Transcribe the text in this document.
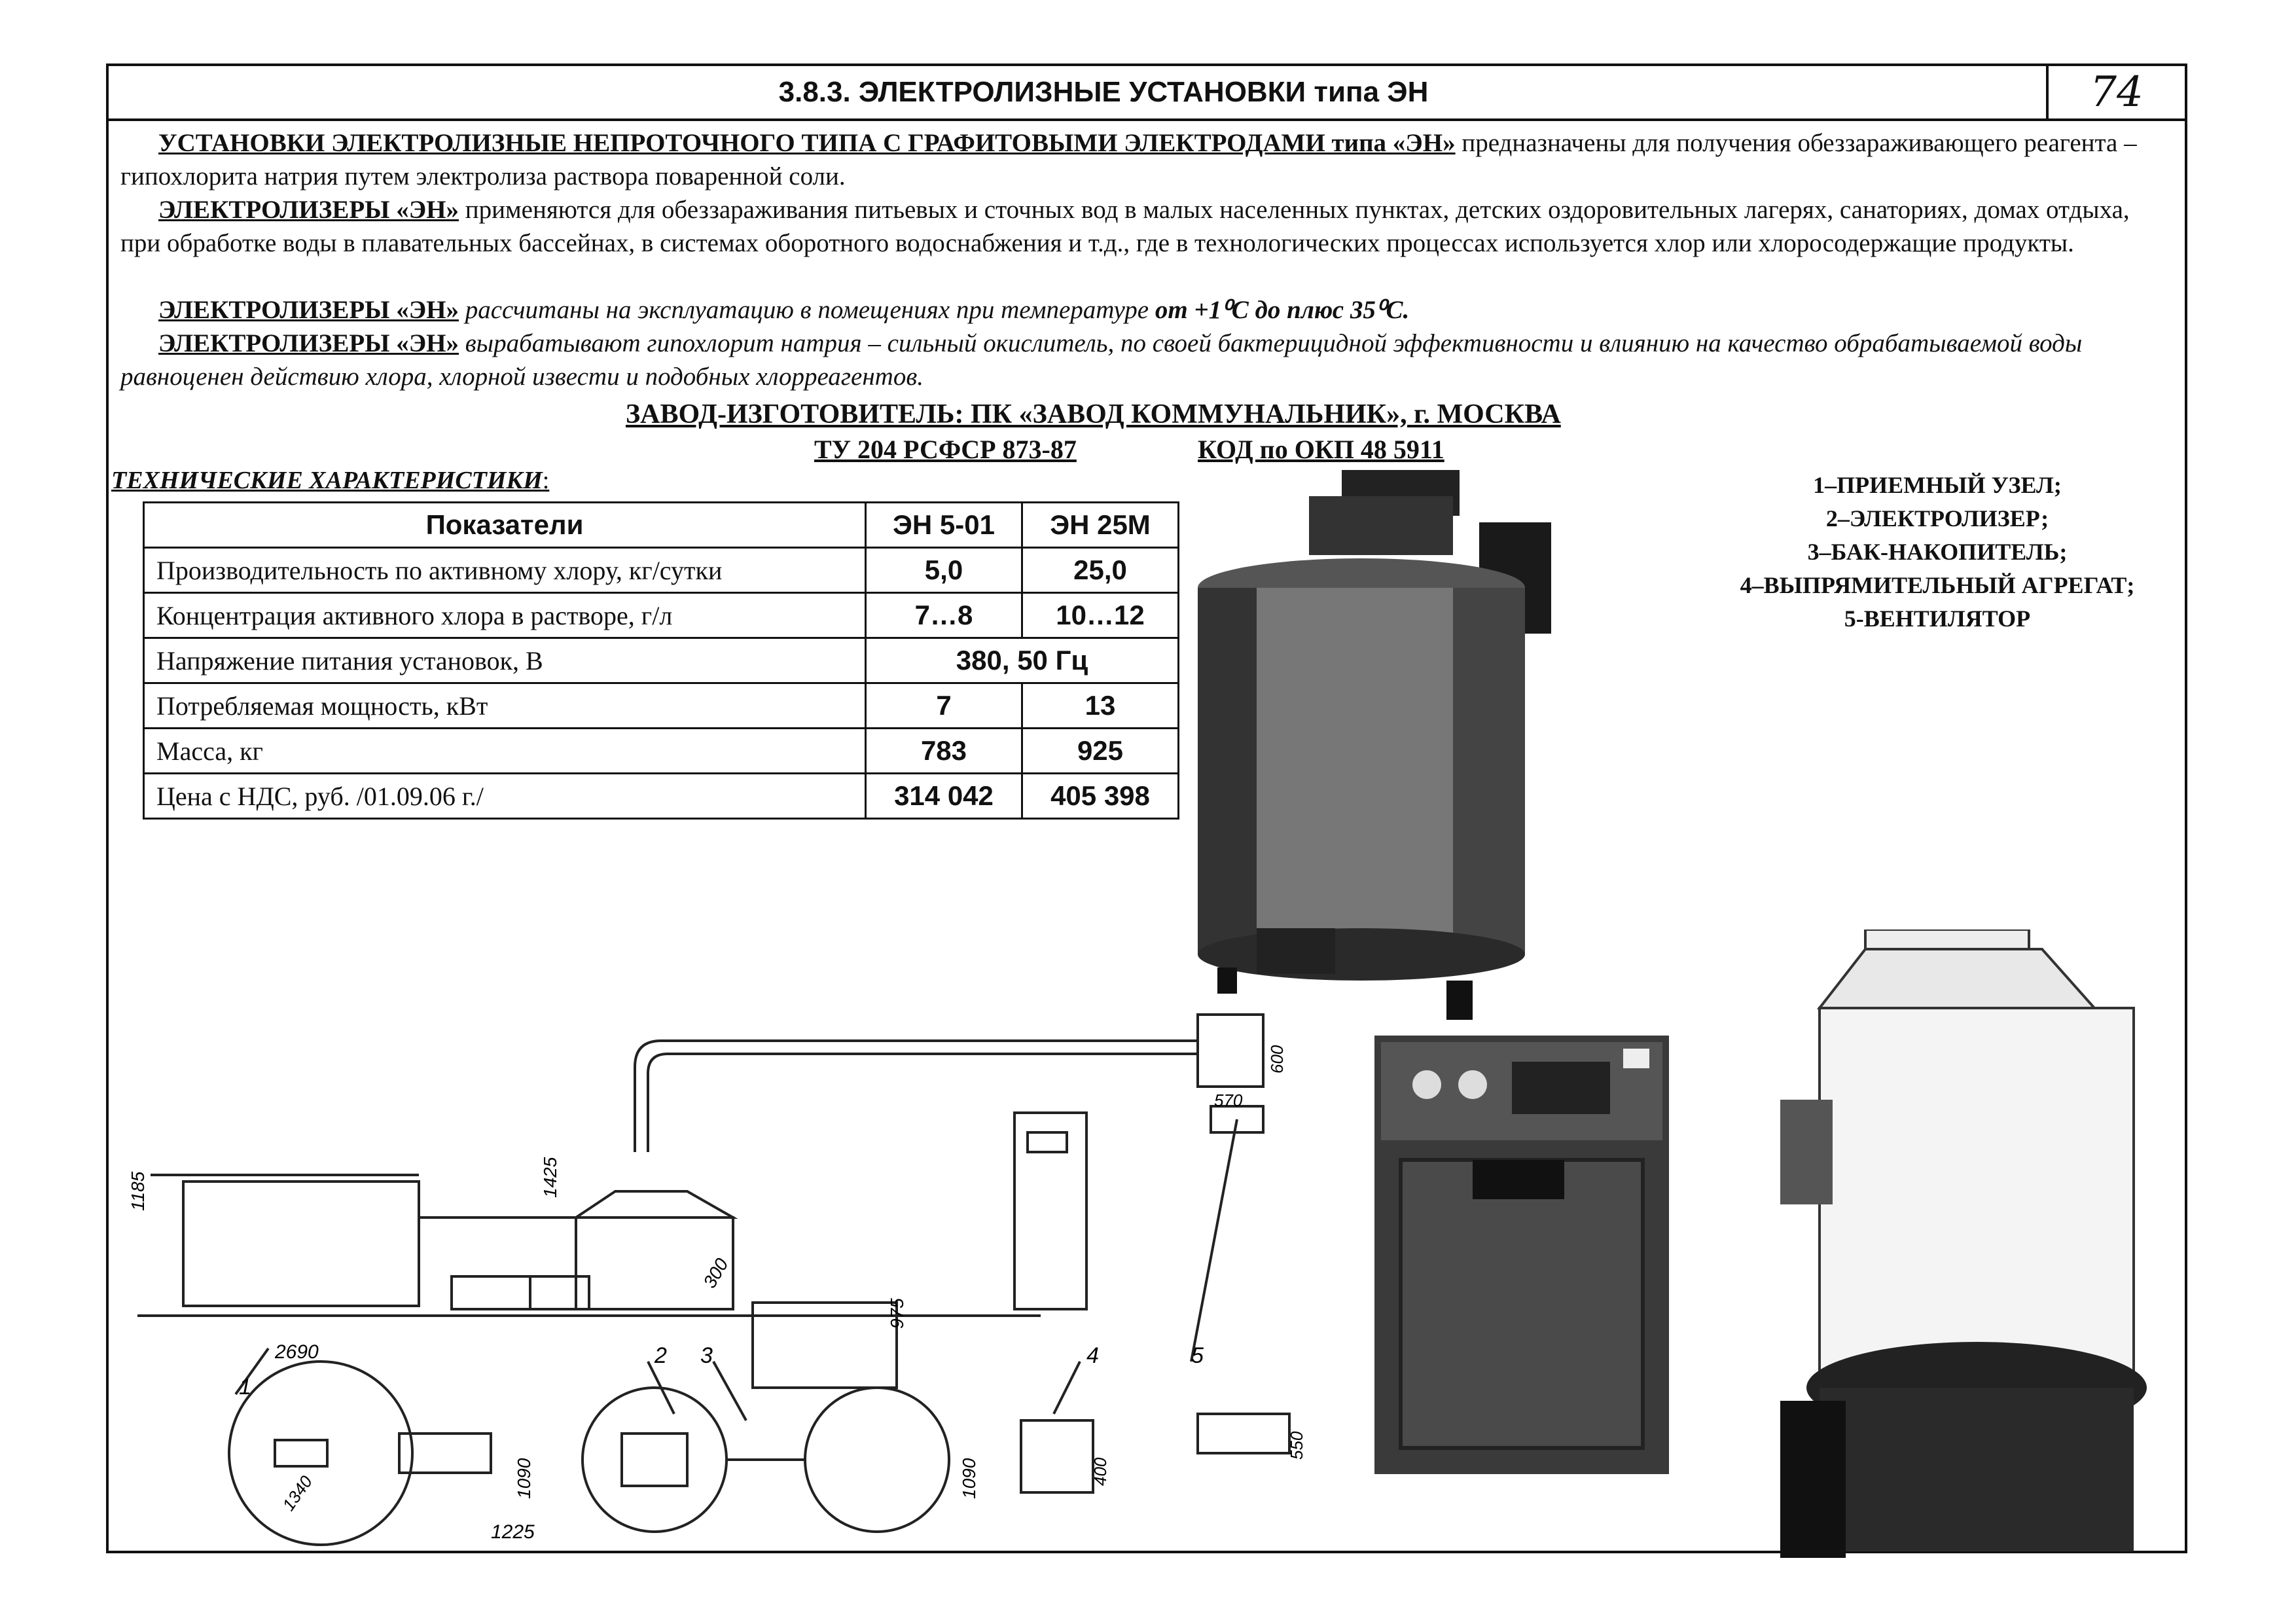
3.8.3. ЭЛЕКТРОЛИЗНЫЕ УСТАНОВКИ типа ЭН	74
УСТАНОВКИ ЭЛЕКТРОЛИЗНЫЕ НЕПРОТОЧНОГО ТИПА С ГРАФИТОВЫМИ ЭЛЕКТРОДАМИ типа «ЭН» предназначены для получения обеззараживающего реагента – гипохлорита натрия путем электролиза раствора поваренной соли.
ЭЛЕКТРОЛИЗЕРЫ «ЭН» применяются для обеззараживания питьевых и сточных вод в малых населенных пунктах, детских оздоровительных лагерях, санаториях, домах отдыха, при обработке воды в плавательных бассейнах, в системах оборотного водоснабжения и т.д., где в технологических процессах используется хлор или хлоросодержащие продукты.
ЭЛЕКТРОЛИЗЕРЫ «ЭН» рассчитаны на эксплуатацию в помещениях при температуре от +1⁰С до плюс 35⁰С.
ЭЛЕКТРОЛИЗЕРЫ «ЭН» вырабатывают гипохлорит натрия – сильный окислитель, по своей бактерицидной эффективности и влиянию на качество обрабатываемой воды равноценен действию хлора, хлорной извести и подобных хлорреагентов.
ЗАВОД-ИЗГОТОВИТЕЛЬ: ПК «ЗАВОД КОММУНАЛЬНИК», г. МОСКВА
ТУ 204 РСФСР 873-87	КОД по ОКП 48 5911
ТЕХНИЧЕСКИЕ ХАРАКТЕРИСТИКИ:
Показатели	ЭН 5-01	ЭН 25М
Производительность по активному хлору, кг/сутки	5,0	25,0
Концентрация активного хлора в растворе, г/л	7…8	10…12
Напряжение питания установок, В	380, 50 Гц	
Потребляемая мощность, кВт	7	13
Масса, кг	783	925
Цена с НДС, руб. /01.09.06 г./	314 042	405 398
1–ПРИЕМНЫЙ УЗЕЛ;
2–ЭЛЕКТРОЛИЗЕР;
3–БАК-НАКОПИТЕЛЬ;
4–ВЫПРЯМИТЕЛЬНЫЙ АГРЕГАТ;
5-ВЕНТИЛЯТОР
1
2 3	4	5
2690
1225
1185	1425
300
975
1340	1090	1090	400
550
600
570
